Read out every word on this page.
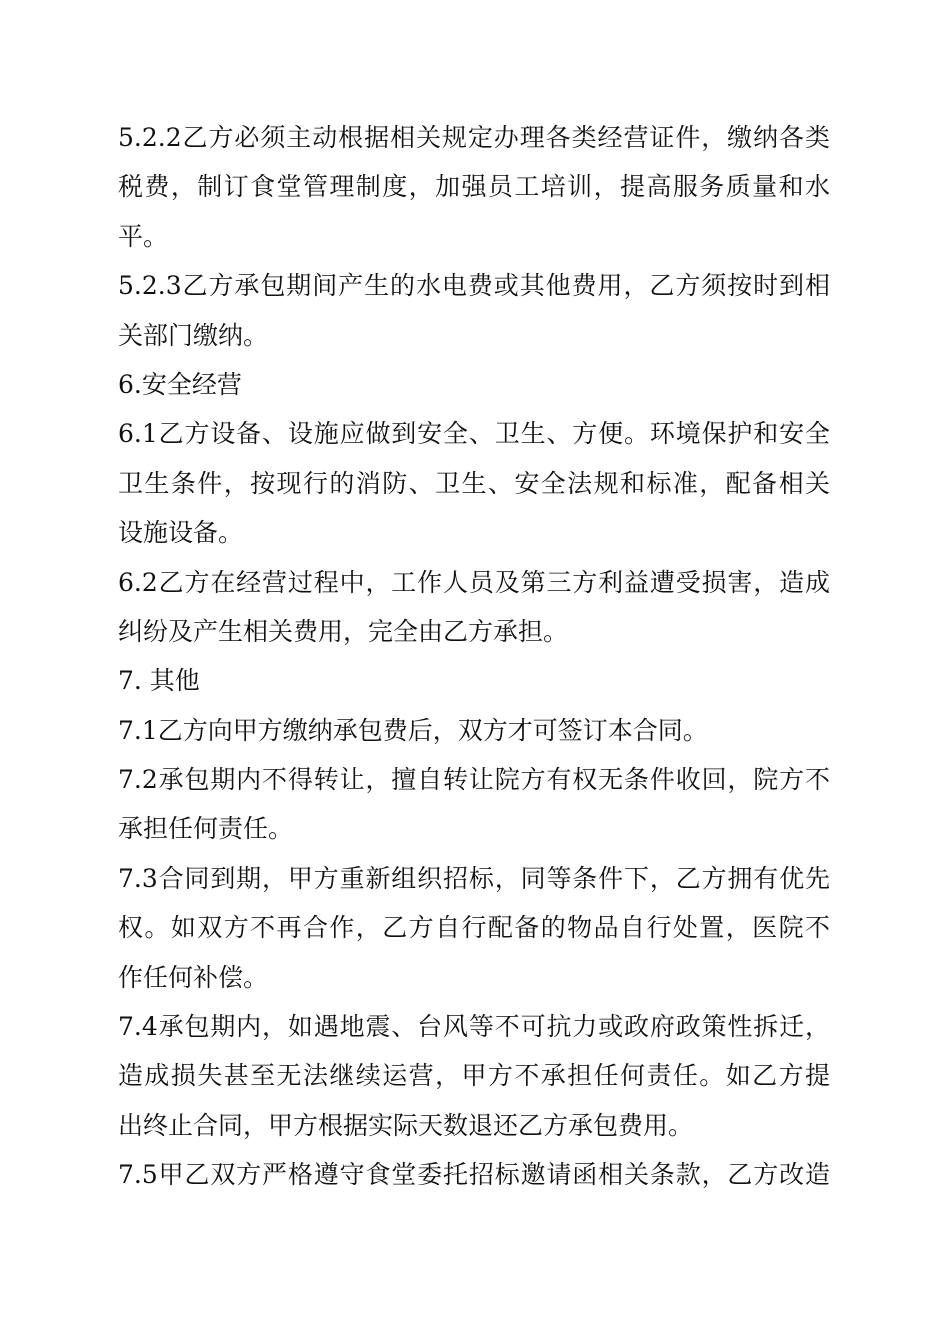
5.2.2乙方必须主动根据相关规定办理各类经营证件，缴纳各类
税费，制订食堂管理制度，加强员工培训，提高服务质量和水
平。
5.2.3乙方承包期间产生的水电费或其他费用，乙方须按时到相
关部门缴纳。
6.安全经营
6.1乙方设备、设施应做到安全、卫生、方便。环境保护和安全
卫生条件，按现行的消防、卫生、安全法规和标准，配备相关
设施设备。
6.2乙方在经营过程中，工作人员及第三方利益遭受损害，造成
纠纷及产生相关费用，完全由乙方承担。
7. 其他
7.1乙方向甲方缴纳承包费后，双方才可签订本合同。
7.2承包期内不得转让，擅自转让院方有权无条件收回，院方不
承担任何责任。
7.3合同到期，甲方重新组织招标，同等条件下，乙方拥有优先
权。如双方不再合作，乙方自行配备的物品自行处置，医院不
作任何补偿。
7.4承包期内，如遇地震、台风等不可抗力或政府政策性拆迁，
造成损失甚至无法继续运营，甲方不承担任何责任。如乙方提
出终止合同，甲方根据实际天数退还乙方承包费用。
7.5甲乙双方严格遵守食堂委托招标邀请函相关条款，乙方改造
